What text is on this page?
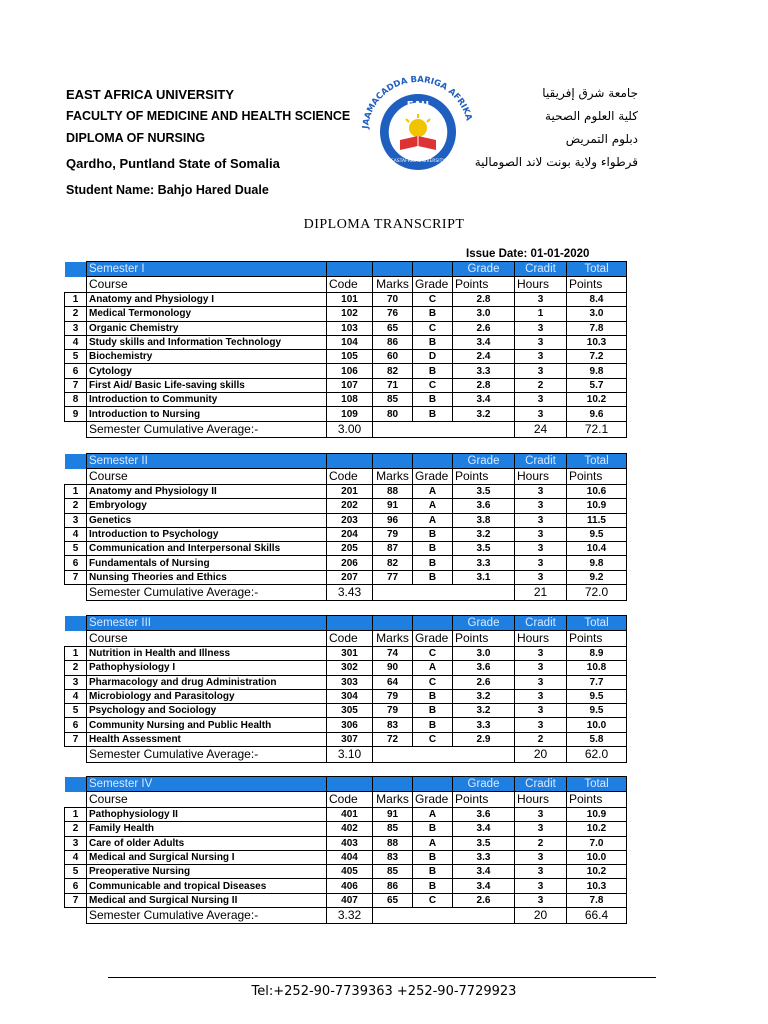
EAST AFRICA UNIVERSITY
FACULTY OF MEDICINE AND HEALTH SCIENCE
DIPLOMA OF NURSING
Qardho, Puntland State of Somalia
Student Name: Bahjo Hared Duale
جامعة شرق إفريقيا
كلية العلوم الصحية
دبلوم التمريض
قرطواء ولاية بونت لاند الصومالية
JAAMACADDA BARIGA AFRIKA
EAU
EASTAFRICAUNIVERSITY
DIPLOMA TRANSCRIPT
Issue Date: 01-01-2020
	Semester I				Grade	Cradit	Total
	Course	Code	Marks	Grade	Points	Hours	Points
1	Anatomy and Physiology I	101	70	C	2.8	3	8.4
2	Medical Termonology	102	76	B	3.0	1	3.0
3	Organic Chemistry	103	65	C	2.6	3	7.8
4	Study skills and Information Technology	104	86	B	3.4	3	10.3
5	Biochemistry	105	60	D	2.4	3	7.2
6	Cytology	106	82	B	3.3	3	9.8
7	First Aid/ Basic Life-saving skills	107	71	C	2.8	2	5.7
8	Introduction to Community	108	85	B	3.4	3	10.2
9	Introduction to Nursing	109	80	B	3.2	3	9.6
	Semester Cumulative Average:-	3.00				24	72.1
	Semester II				Grade	Cradit	Total
	Course	Code	Marks	Grade	Points	Hours	Points
1	Anatomy and Physiology II	201	88	A	3.5	3	10.6
2	Embryology	202	91	A	3.6	3	10.9
3	Genetics	203	96	A	3.8	3	11.5
4	Introduction to Psychology	204	79	B	3.2	3	9.5
5	Communication and Interpersonal Skills	205	87	B	3.5	3	10.4
6	Fundamentals of Nursing	206	82	B	3.3	3	9.8
7	Nunsing Theories and Ethics	207	77	B	3.1	3	9.2
	Semester Cumulative Average:-	3.43				21	72.0
	Semester III				Grade	Cradit	Total
	Course	Code	Marks	Grade	Points	Hours	Points
1	Nutrition in Health and Illness	301	74	C	3.0	3	8.9
2	Pathophysiology I	302	90	A	3.6	3	10.8
3	Pharmacology and drug Administration	303	64	C	2.6	3	7.7
4	Microbiology and Parasitology	304	79	B	3.2	3	9.5
5	Psychology and Sociology	305	79	B	3.2	3	9.5
6	Community Nursing and Public Health	306	83	B	3.3	3	10.0
7	Health Assessment	307	72	C	2.9	2	5.8
	Semester Cumulative Average:-	3.10				20	62.0
	Semester IV				Grade	Cradit	Total
	Course	Code	Marks	Grade	Points	Hours	Points
1	Pathophysiology II	401	91	A	3.6	3	10.9
2	Family Health	402	85	B	3.4	3	10.2
3	Care of older Adults	403	88	A	3.5	2	7.0
4	Medical and Surgical Nursing I	404	83	B	3.3	3	10.0
5	Preoperative Nursing	405	85	B	3.4	3	10.2
6	Communicable and tropical Diseases	406	86	B	3.4	3	10.3
7	Medical and Surgical Nursing II	407	65	C	2.6	3	7.8
	Semester Cumulative Average:-	3.32				20	66.4
Tel:+252-90-7739363 +252-90-7729923
